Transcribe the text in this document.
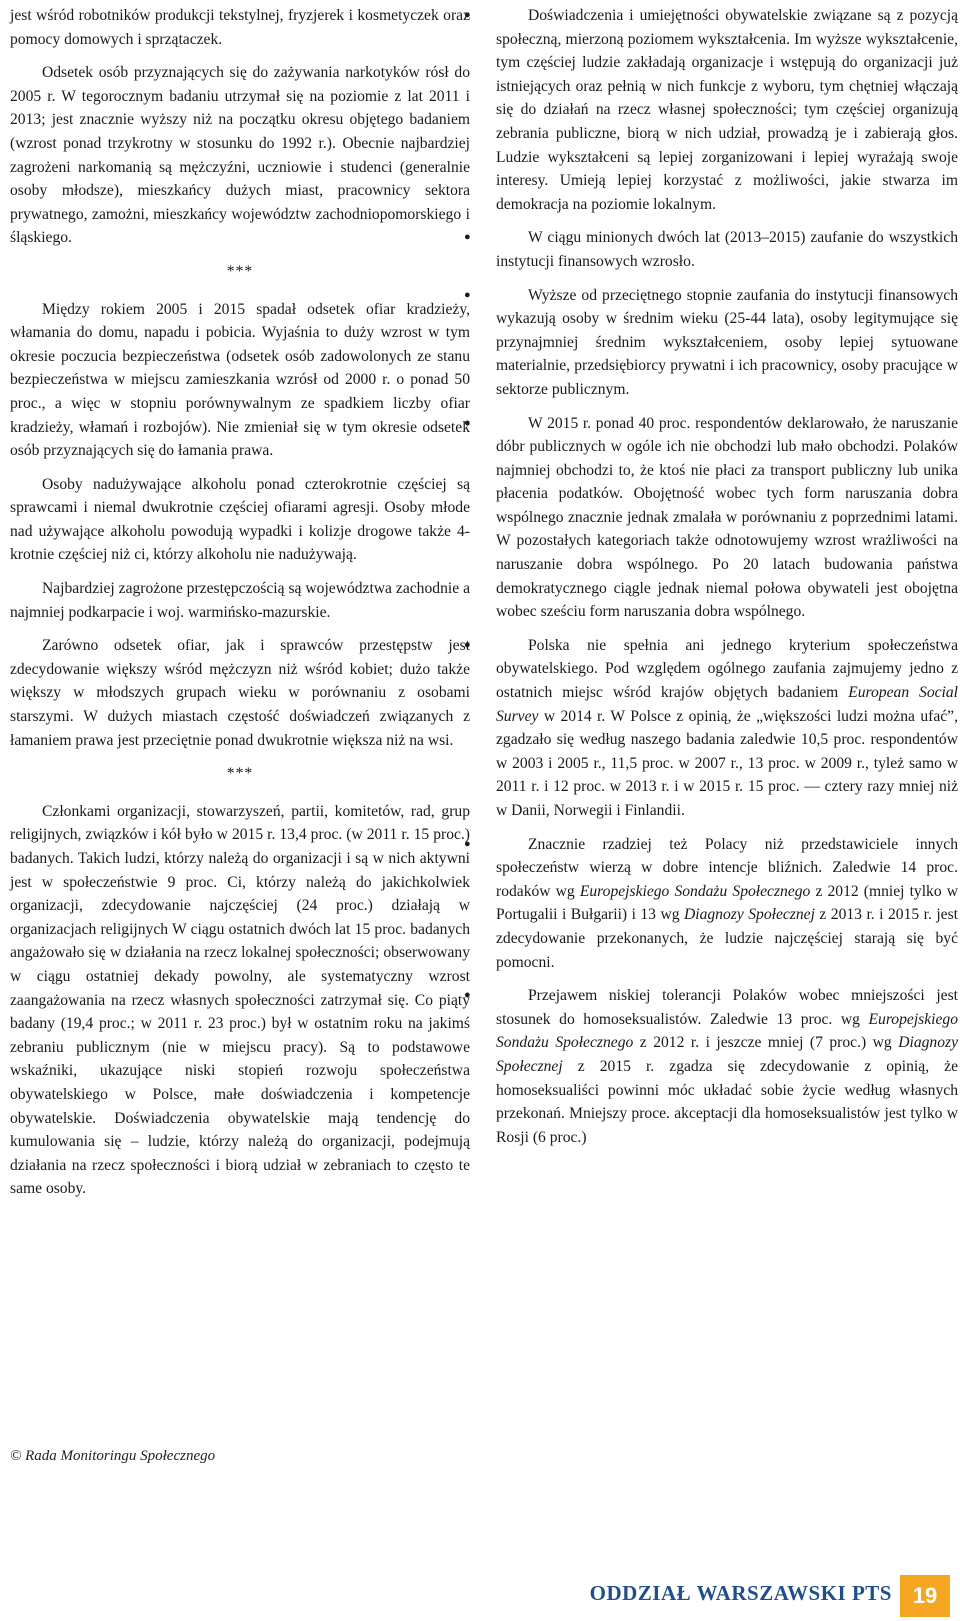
jest wśród robotników produkcji tekstylnej, fryzjerek i kosmetyczek oraz pomocy domowych i sprzątaczek.

● Odsetek osób przyznających się do zażywania narkotyków rósł do 2005 r. W tegorocznym badaniu utrzymał się na poziomie z lat 2011 i 2013; jest znacznie wyższy niż na początku okresu objętego badaniem (wzrost ponad trzykrotny w stosunku do 1992 r.). Obecnie najbardziej zagrożeni narkomanią są mężczyźni, uczniowie i studenci (generalnie osoby młodsze), mieszkańcy dużych miast, pracownicy sektora prywatnego, zamożni, mieszkańcy województw zachodniopomorskiego i śląskiego.

***

● Między rokiem 2005 i 2015 spadał odsetek ofiar kradzieży, włamania do domu, napadu i pobicia. Wyjaśnia to duży wzrost w tym okresie poczucia bezpieczeństwa (odsetek osób zadowolonych ze stanu bezpieczeństwa w miejscu zamieszkania wzrósł od 2000 r. o ponad 50 proc., a więc w stopniu porównywalnym ze spadkiem liczby ofiar kradzieży, włamań i rozbojów). Nie zmieniał się w tym okresie odsetek osób przyznających się do łamania prawa.

● Osoby nadużywające alkoholu ponad czterokrotnie częściej są sprawcami i niemal dwukrotnie częściej ofiarami agresji. Osoby młode nad używające alkoholu powodują wypadki i kolizje drogowe także 4-krotnie częściej niż ci, którzy alkoholu nie nadużywają.

● Najbardziej zagrożone przestępczością są województwa zachodnie a najmniej podkarpacie i woj. warmińsko-mazurskie.

● Zarówno odsetek ofiar, jak i sprawców przestępstw jest zdecydowanie większy wśród mężczyzn niż wśród kobiet; dużo także większy w młodszych grupach wieku w porównaniu z osobami starszymi. W dużych miastach częstość doświadczeń związanych z łamaniem prawa jest przeciętnie ponad dwukrotnie większa niż na wsi.

***

● Członkami organizacji, stowarzyszeń, partii, komitetów, rad, grup religijnych, związków i kół było w 2015 r. 13,4 proc. (w 2011 r. 15 proc.) badanych. Takich ludzi, którzy należą do organizacji i są w nich aktywni jest w społeczeństwie 9 proc. Ci, którzy należą do jakichkolwiek organizacji, zdecydowanie najczęściej (24 proc.) działają w organizacjach religijnych W ciągu ostatnich dwóch lat 15 proc. badanych angażowało się w działania na rzecz lokalnej społeczności; obserwowany w ciągu ostatniej dekady powolny, ale systematyczny wzrost zaangażowania na rzecz własnych społeczności zatrzymał się. Co piąty badany (19,4 proc.; w 2011 r. 23 proc.) był w ostatnim roku na jakimś zebraniu publicznym (nie w miejscu pracy). Są to podstawowe wskaźniki, ukazujące niski stopień rozwoju społeczeństwa obywatelskiego w Polsce, małe doświadczenia i kompetencje obywatelskie. Doświadczenia obywatelskie mają tendencję do kumulowania się – ludzie, którzy należą do organizacji, podejmują działania na rzecz społeczności i biorą udział w zebraniach to często te same osoby.

● Doświadczenia i umiejętności obywatelskie związane są z pozycją społeczną, mierzoną poziomem wykształcenia. Im wyższe wykształcenie, tym częściej ludzie zakładają organizacje i wstępują do organizacji już istniejących oraz pełnią w nich funkcje z wyboru, tym chętniej włączają się do działań na rzecz własnej społeczności; tym częściej organizują zebrania publiczne, biorą w nich udział, prowadzą je i zabierają głos. Ludzie wykształceni są lepiej zorganizowani i lepiej wyrażają swoje interesy. Umieją lepiej korzystać z możliwości, jakie stwarza im demokracja na poziomie lokalnym.

● W ciągu minionych dwóch lat (2013–2015) zaufanie do wszystkich instytucji finansowych wzrosło.

● Wyższe od przeciętnego stopnie zaufania do instytucji finansowych wykazują osoby w średnim wieku (25-44 lata), osoby legitymujące się przynajmniej średnim wykształceniem, osoby lepiej sytuowane materialnie, przedsiębiorcy prywatni i ich pracownicy, osoby pracujące w sektorze publicznym.

● W 2015 r. ponad 40 proc. respondentów deklarowało, że naruszanie dóbr publicznych w ogóle ich nie obchodzi lub mało obchodzi. Polaków najmniej obchodzi to, że ktoś nie płaci za transport publiczny lub unika płacenia podatków. Obojętność wobec tych form naruszania dobra wspólnego znacznie jednak zmalała w porównaniu z poprzednimi latami. W pozostałych kategoriach także odnotowujemy wzrost wrażliwości na naruszanie dobra wspólnego. Po 20 latach budowania państwa demokratycznego ciągle jednak niemal połowa obywateli jest obojętna wobec sześciu form naruszania dobra wspólnego.

● Polska nie spełnia ani jednego kryterium społeczeństwa obywatelskiego. Pod względem ogólnego zaufania zajmujemy jedno z ostatnich miejsc wśród krajów objętych badaniem European Social Survey w 2014 r. W Polsce z opinią, że „większości ludzi można ufać”, zgadzało się według naszego badania zaledwie 10,5 proc. respondentów w 2003 i 2005 r., 11,5 proc. w 2007 r., 13 proc. w 2009 r., tyleż samo w 2011 r. i 12 proc. w 2013 r. i w 2015 r. 15 proc. — cztery razy mniej niż w Danii, Norwegii i Finlandii.

● Znacznie rzadziej też Polacy niż przedstawiciele innych społeczeństw wierzą w dobre intencje bliźnich. Zaledwie 14 proc. rodaków wg Europejskiego Sondażu Społecznego z 2012 (mniej tylko w Portugalii i Bułgarii) i 13 wg Diagnozy Społecznej z 2013 r. i 2015 r. jest zdecydowanie przekonanych, że ludzie najczęściej starają się być pomocni.

● Przejawem niskiej tolerancji Polaków wobec mniejszości jest stosunek do homoseksualistów. Zaledwie 13 proc. wg Europejskiego Sondażu Społecznego z 2012 r. i jeszcze mniej (7 proc.) wg Diagnozy Społecznej z 2015 r. zgadza się zdecydowanie z opinią, że homoseksualiści powinni móc układać sobie życie według własnych przekonań. Mniejszy proce. akceptacji dla homoseksualistów jest tylko w Rosji (6 proc.)

© Rada Monitoringu Społecznego
ODDZIAŁ WARSZAWSKI PTS 19
